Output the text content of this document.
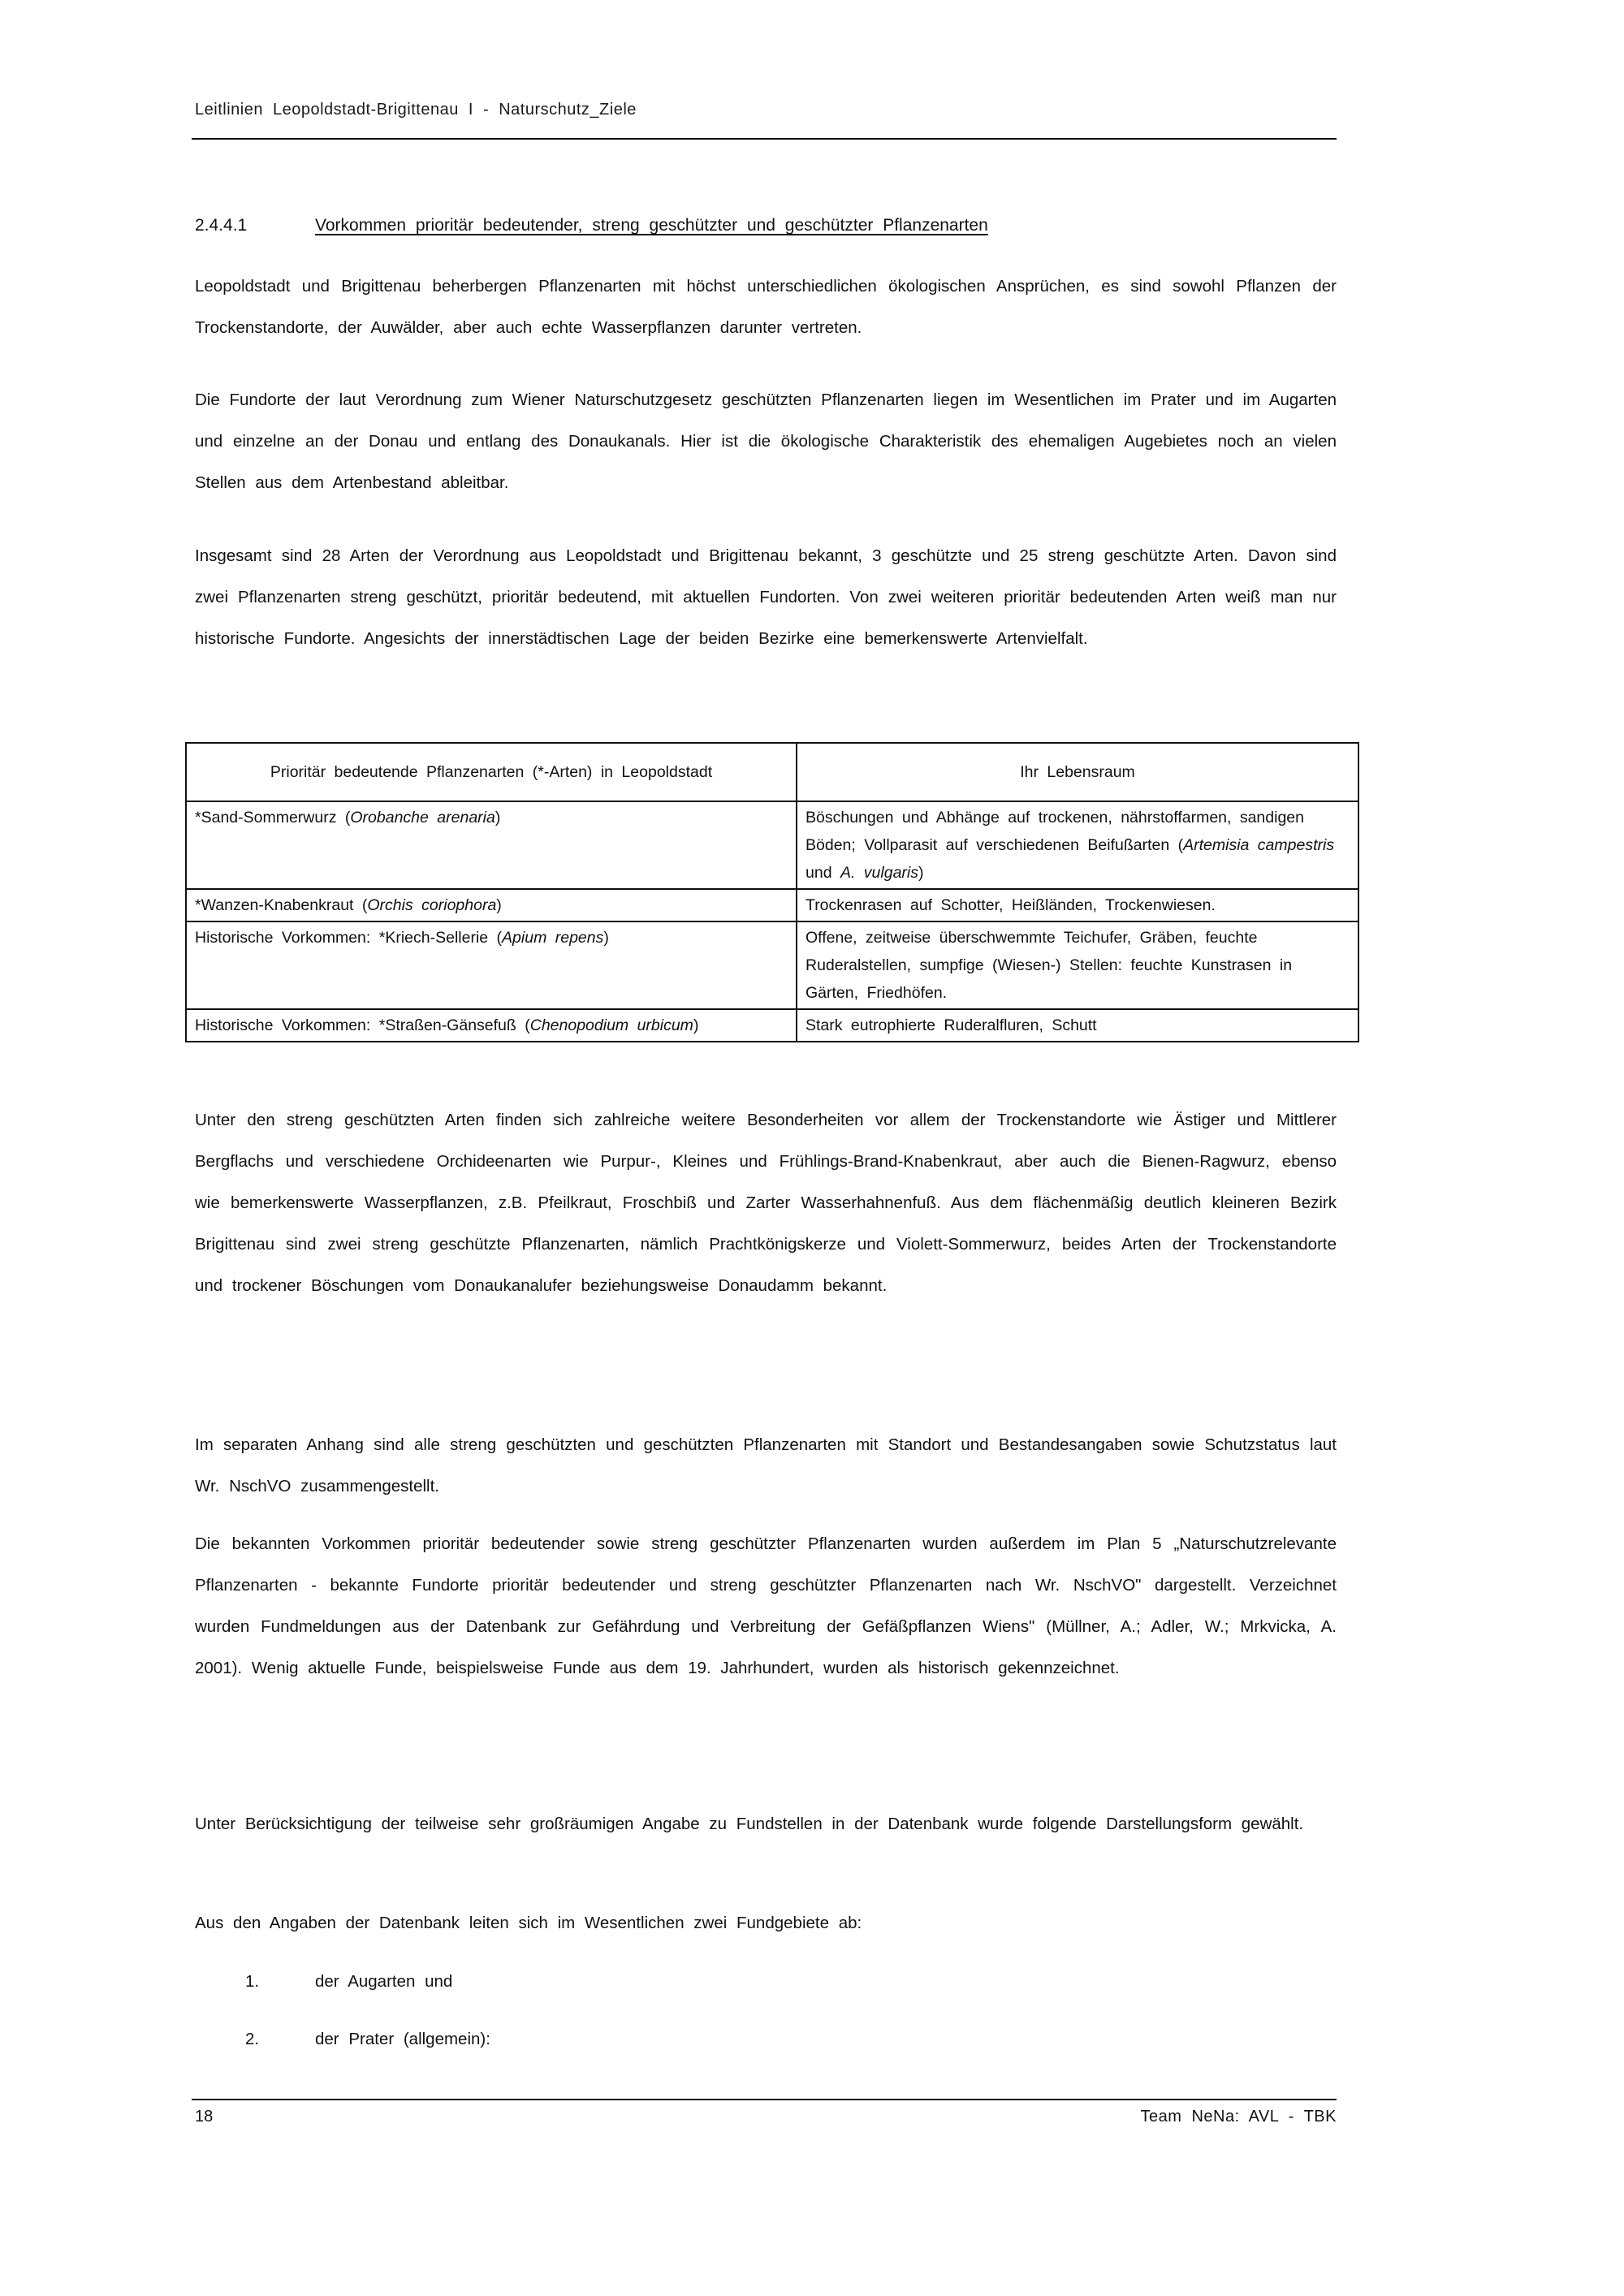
Leitlinien Leopoldstadt-Brigittenau I - Naturschutz_Ziele
2.4.4.1	Vorkommen prioritär bedeutender, streng geschützter und geschützter Pflanzenarten
Leopoldstadt und Brigittenau beherbergen Pflanzenarten mit höchst unterschiedlichen ökologischen Ansprüchen, es sind sowohl Pflanzen der Trockenstandorte, der Auwälder, aber auch echte Wasserpflanzen darunter vertreten.
Die Fundorte der laut Verordnung zum Wiener Naturschutzgesetz geschützten Pflanzenarten liegen im Wesentlichen im Prater und im Augarten und einzelne an der Donau und entlang des Donaukanals. Hier ist die ökologische Charakteristik des ehemaligen Augebietes noch an vielen Stellen aus dem Artenbestand ableitbar.
Insgesamt sind 28 Arten der Verordnung aus Leopoldstadt und Brigittenau bekannt, 3 geschützte und 25 streng geschützte Arten. Davon sind zwei Pflanzenarten streng geschützt, prioritär bedeutend, mit aktuellen Fundorten. Von zwei weiteren prioritär bedeutenden Arten weiß man nur historische Fundorte. Angesichts der innerstädtischen Lage der beiden Bezirke eine bemerkenswerte Artenvielfalt.
Prioritär bedeutende Pflanzenarten (*-Arten) in Leopoldstadt	Ihr Lebensraum
*Sand-Sommerwurz (Orobanche arenaria)	Böschungen und Abhänge auf trockenen, nährstoffarmen, sandigen Böden; Vollparasit auf verschiedenen Beifußarten (Artemisia campestris und A. vulgaris)
*Wanzen-Knabenkraut (Orchis coriophora)	Trockenrasen auf Schotter, Heißländen, Trockenwiesen.
Historische Vorkommen: *Kriech-Sellerie (Apium repens)	Offene, zeitweise überschwemmte Teichufer, Gräben, feuchte Ruderalstellen, sumpfige (Wiesen-) Stellen: feuchte Kunstrasen in Gärten, Friedhöfen.
Historische Vorkommen: *Straßen-Gänsefuß (Chenopodium urbicum)	Stark eutrophierte Ruderalfluren, Schutt
Unter den streng geschützten Arten finden sich zahlreiche weitere Besonderheiten vor allem der Trockenstandorte wie Ästiger und Mittlerer Bergflachs und verschiedene Orchideenarten wie Purpur-, Kleines und Frühlings-Brand-Knabenkraut, aber auch die Bienen-Ragwurz, ebenso wie bemerkenswerte Wasserpflanzen, z.B. Pfeilkraut, Froschbiß und Zarter Wasserhahnenfuß. Aus dem flächenmäßig deutlich kleineren Bezirk Brigittenau sind zwei streng geschützte Pflanzenarten, nämlich Prachtkönigskerze und Violett-Sommerwurz, beides Arten der Trockenstandorte und trockener Böschungen vom Donaukanalufer beziehungsweise Donaudamm bekannt.
Im separaten Anhang sind alle streng geschützten und geschützten Pflanzenarten mit Standort und Bestandesangaben sowie Schutzstatus laut Wr. NschVO zusammengestellt.
Die bekannten Vorkommen prioritär bedeutender sowie streng geschützter Pflanzenarten wurden außerdem im Plan 5 „Naturschutzrelevante Pflanzenarten - bekannte Fundorte prioritär bedeutender und streng geschützter Pflanzenarten nach Wr. NschVO" dargestellt. Verzeichnet wurden Fundmeldungen aus der Datenbank zur Gefährdung und Verbreitung der Gefäßpflanzen Wiens" (Müllner, A.; Adler, W.; Mrkvicka, A. 2001). Wenig aktuelle Funde, beispielsweise Funde aus dem 19. Jahrhundert, wurden als historisch gekennzeichnet.
Unter Berücksichtigung der teilweise sehr großräumigen Angabe zu Fundstellen in der Datenbank wurde folgende Darstellungsform gewählt.
Aus den Angaben der Datenbank leiten sich im Wesentlichen zwei Fundgebiete ab:
1.	der Augarten und
2.	der Prater (allgemein):
18	Team NeNa: AVL - TBK
